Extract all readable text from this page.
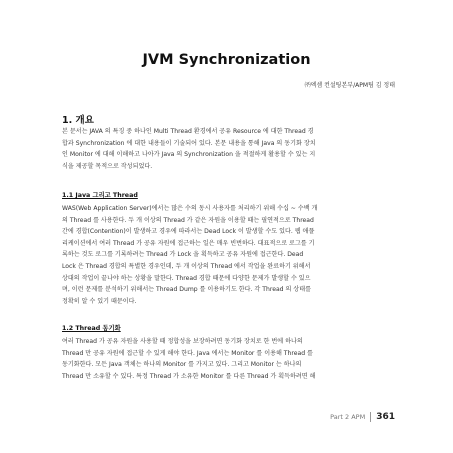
JVM Synchronization
㈜엑셈 컨설팅본부/APM팀 김 정태
1. 개요
본 문서는 JAVA 의 특징 중 하나인 Multi Thread 환경에서 공유 Resource 에 대한 Thread 경
합과 Synchronization 에 대한 내용들이 기술되어 있다. 본문 내용을 통해 Java 의 동기화 장치
인 Monitor 에 대해 이해하고 나아가 Java 의 Synchronization 을 적절하게 활용할 수 있는 지
식을 제공할 목적으로 작성되었다.
1.1 Java 그리고 Thread
WAS(Web Application Server)에서는 많은 수의 동시 사용자를 처리하기 위해 수십 ~ 수백 개
의 Thread 를 사용한다. 두 개 이상의 Thread 가 같은 자원을 이용할 때는 필연적으로 Thread
간에 경합(Contention)이 발생하고 경우에 따라서는 Dead Lock 이 발생할 수도 있다. 웹 애플
리케이션에서 여러 Thread 가 공유 자원에 접근하는 일은 매우 빈번하다. 대표적으로 로그를 기
록하는 것도 로그를 기록하려는 Thread 가 Lock 을 획득하고 공유 자원에 접근한다. Dead
Lock 은 Thread 경합의 특별한 경우인데, 두 개 이상의 Thread 에서 작업을 완료하기 위해서
상대의 작업이 끝나야 하는 상황을 말한다. Thread 경합 때문에 다양한 문제가 발생할 수 있으
며, 이런 문제를 분석하기 위해서는 Thread Dump 를 이용하기도 한다. 각 Thread 의 상태를
정확히 알 수 있기 때문이다.
1.2 Thread 동기화
여러 Thread 가 공유 자원을 사용할 때 정합성을 보장하려면 동기화 장치로 한 번에 하나의
Thread 만 공유 자원에 접근할 수 있게 해야 한다. Java 에서는 Monitor 를 이용해 Thread 를
동기화한다. 모든 Java 객체는 하나의 Monitor 를 가지고 있다. 그리고 Monitor 는 하나의
Thread 만 소유할 수 있다. 특정 Thread 가 소유한 Monitor 를 다른 Thread 가 획득하려면 해
Part 2 APM 361
